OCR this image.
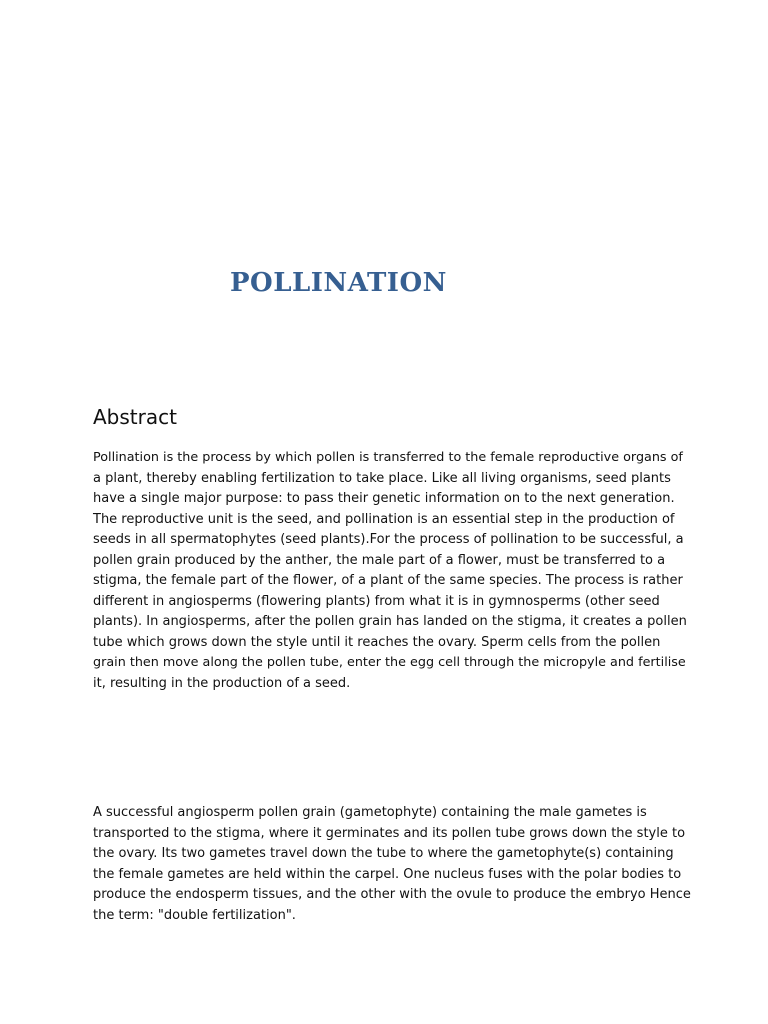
POLLINATION
Abstract

Pollination is the process by which pollen is transferred to the female reproductive organs of
a plant, thereby enabling fertilization to take place. Like all living organisms, seed plants
have a single major purpose: to pass their genetic information on to the next generation.
The reproductive unit is the seed, and pollination is an essential step in the production of
seeds in all spermatophytes (seed plants).For the process of pollination to be successful, a
pollen grain produced by the anther, the male part of a flower, must be transferred to a
stigma, the female part of the flower, of a plant of the same species. The process is rather
different in angiosperms (flowering plants) from what it is in gymnosperms (other seed
plants). In angiosperms, after the pollen grain has landed on the stigma, it creates a pollen
tube which grows down the style until it reaches the ovary. Sperm cells from the pollen
grain then move along the pollen tube, enter the egg cell through the micropyle and fertilise
it, resulting in the production of a seed.

A successful angiosperm pollen grain (gametophyte) containing the male gametes is
transported to the stigma, where it germinates and its pollen tube grows down the style to
the ovary. Its two gametes travel down the tube to where the gametophyte(s) containing
the female gametes are held within the carpel. One nucleus fuses with the polar bodies to
produce the endosperm tissues, and the other with the ovule to produce the embryo Hence
the term: "double fertilization".
